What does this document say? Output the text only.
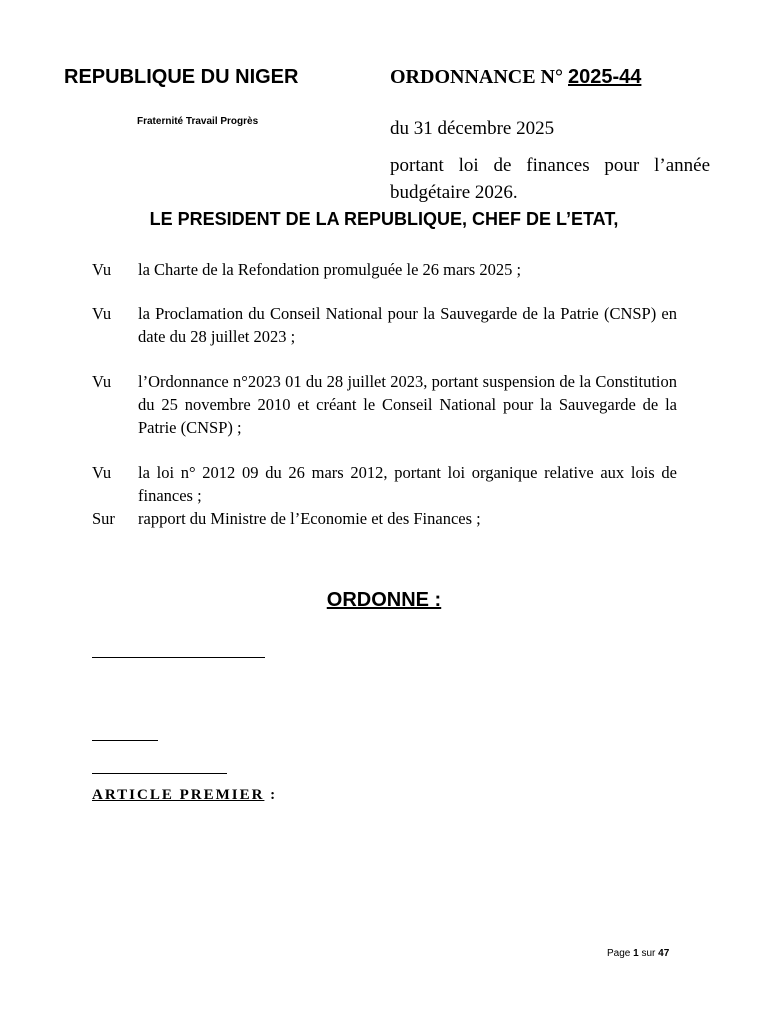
REPUBLIQUE DU NIGER
Fraternité Travail Progrès
ORDONNANCE N° 2025-44
du 31 décembre 2025
portant loi de finances pour l’année budgétaire 2026.
LE PRESIDENT DE LA REPUBLIQUE, CHEF DE L’ETAT,
Vu la Charte de la Refondation promulguée le 26 mars 2025 ;
Vu la Proclamation du Conseil National pour la Sauvegarde de la Patrie (CNSP) en date du 28 juillet 2023 ;
Vu l’Ordonnance n°2023 01 du 28 juillet 2023, portant suspension de la Constitution du 25 novembre 2010 et créant le Conseil National pour la Sauvegarde de la Patrie (CNSP) ;
Vu la loi n° 2012 09 du 26 mars 2012, portant loi organique relative aux lois de finances ;
Sur rapport du Ministre de l’Economie et des Finances ;
ORDONNE :
ARTICLE PREMIER :
Page 1 sur 47
